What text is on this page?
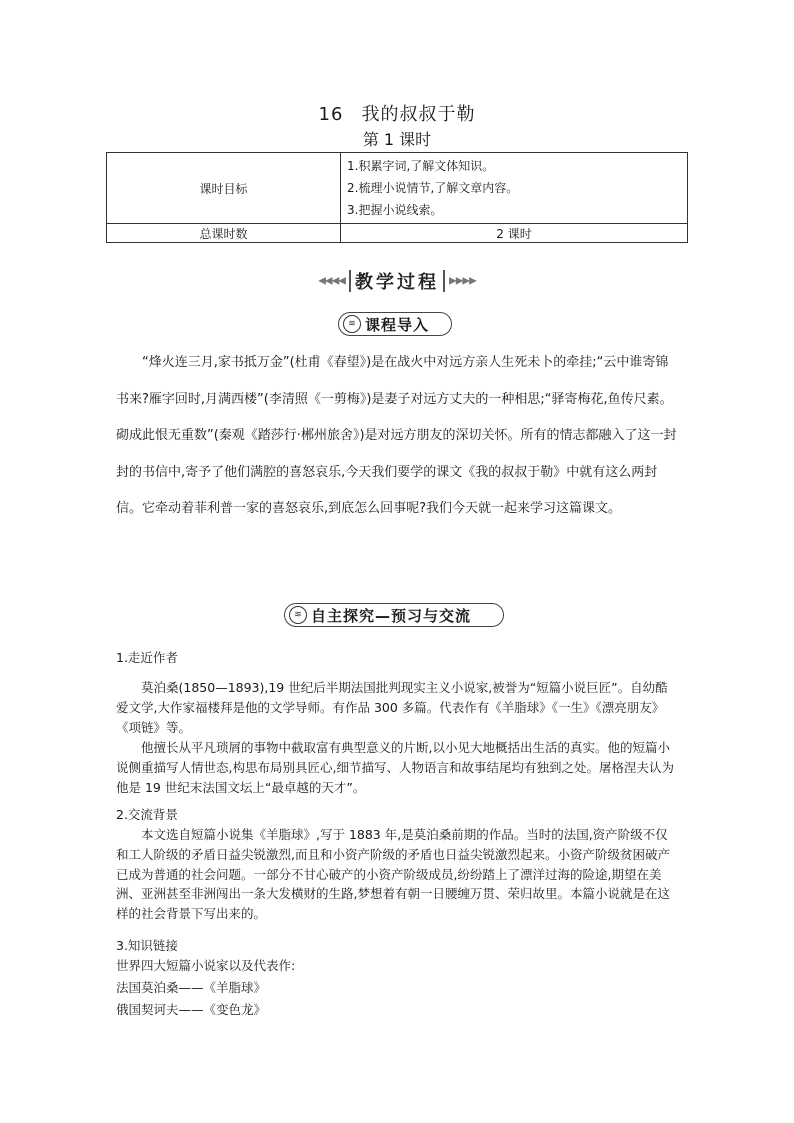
16 我的叔叔于勒
第 1 课时
课时目标	1.积累字词,了解文体知识。
2.梳理小说情节,了解文章内容。
3.把握小说线索。

总课时数	2 课时
◀◀◀◀ 教学过程 ▶▶▶▶
≋ 课程导入

“烽火连三月,家书抵万金”(杜甫《春望》)是在战火中对远方亲人生死未卜的牵挂;“云中谁寄锦书来?雁字回时,月满西楼”(李清照《一剪梅》)是妻子对远方丈夫的一种相思;“驿寄梅花,鱼传尺素。砌成此恨无重数”(秦观《踏莎行·郴州旅舍》)是对远方朋友的深切关怀。所有的情志都融入了这一封封的书信中,寄予了他们满腔的喜怒哀乐,今天我们要学的课文《我的叔叔于勒》中就有这么两封信。它牵动着菲利普一家的喜怒哀乐,到底怎么回事呢?我们今天就一起来学习这篇课文。

≋ 自主探究—预习与交流
1.走近作者

莫泊桑(1850—1893),19 世纪后半期法国批判现实主义小说家,被誉为“短篇小说巨匠”。自幼酷爱文学,大作家福楼拜是他的文学导师。有作品 300 多篇。代表作有《羊脂球》《一生》《漂亮朋友》《项链》等。

他擅长从平凡琐屑的事物中截取富有典型意义的片断,以小见大地概括出生活的真实。他的短篇小说侧重描写人情世态,构思布局别具匠心,细节描写、人物语言和故事结尾均有独到之处。屠格涅夫认为他是 19 世纪末法国文坛上“最卓越的天才”。

2.交流背景

本文选自短篇小说集《羊脂球》,写于 1883 年,是莫泊桑前期的作品。当时的法国,资产阶级不仅和工人阶级的矛盾日益尖锐激烈,而且和小资产阶级的矛盾也日益尖锐激烈起来。小资产阶级贫困破产已成为普通的社会问题。一部分不甘心破产的小资产阶级成员,纷纷踏上了漂洋过海的险途,期望在美洲、亚洲甚至非洲闯出一条大发横财的生路,梦想着有朝一日腰缠万贯、荣归故里。本篇小说就是在这样的社会背景下写出来的。

3.知识链接
世界四大短篇小说家以及代表作:
法国莫泊桑——《羊脂球》
俄国契诃夫——《变色龙》
